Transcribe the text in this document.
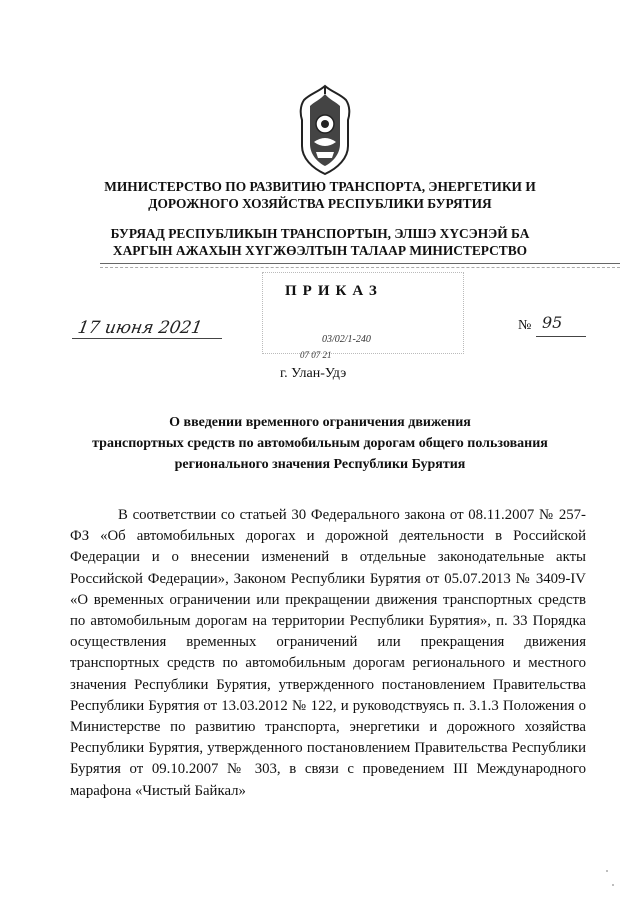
МИНИСТЕРСТВО ПО РАЗВИТИЮ ТРАНСПОРТА, ЭНЕРГЕТИКИ И
ДОРОЖНОГО ХОЗЯЙСТВА РЕСПУБЛИКИ БУРЯТИЯ
БУРЯАД РЕСПУБЛИКЫН ТРАНСПОРТЫН, ЭЛШЭ ХҮСЭНЭЙ БА
ХАРГЫН АЖАХЫН ХҮГЖӨЭЛТЫН ТАЛААР МИНИСТЕРСТВО
ПРИКАЗ
17 июня 2021	№ 95
03/02/1-240
07 07 21
г. Улан-Удэ
О введении временного ограничения движения
транспортных средств по автомобильным дорогам общего пользования
регионального значения Республики Бурятия
В соответствии со статьей 30 Федерального закона от 08.11.2007 № 257-ФЗ «Об автомобильных дорогах и дорожной деятельности в Российской Федерации и о внесении изменений в отдельные законодательные акты Российской Федерации», Законом Республики Бурятия от 05.07.2013 № 3409-IV «О временных ограничении или прекращении движения транспортных средств по автомобильным дорогам на территории Республики Бурятия», п. 33 Порядка осуществления временных ограничений или прекращения движения транспортных средств по автомобильным дорогам регионального и местного значения Республики Бурятия, утвержденного постановлением Правительства Республики Бурятия от 13.03.2012 № 122, и руководствуясь п. 3.1.3 Положения о Министерстве по развитию транспорта, энергетики и дорожного хозяйства Республики Бурятия, утвержденного постановлением Правительства Республики Бурятия от 09.10.2007 № 303, в связи с проведением III Международного марафона «Чистый Байкал»
